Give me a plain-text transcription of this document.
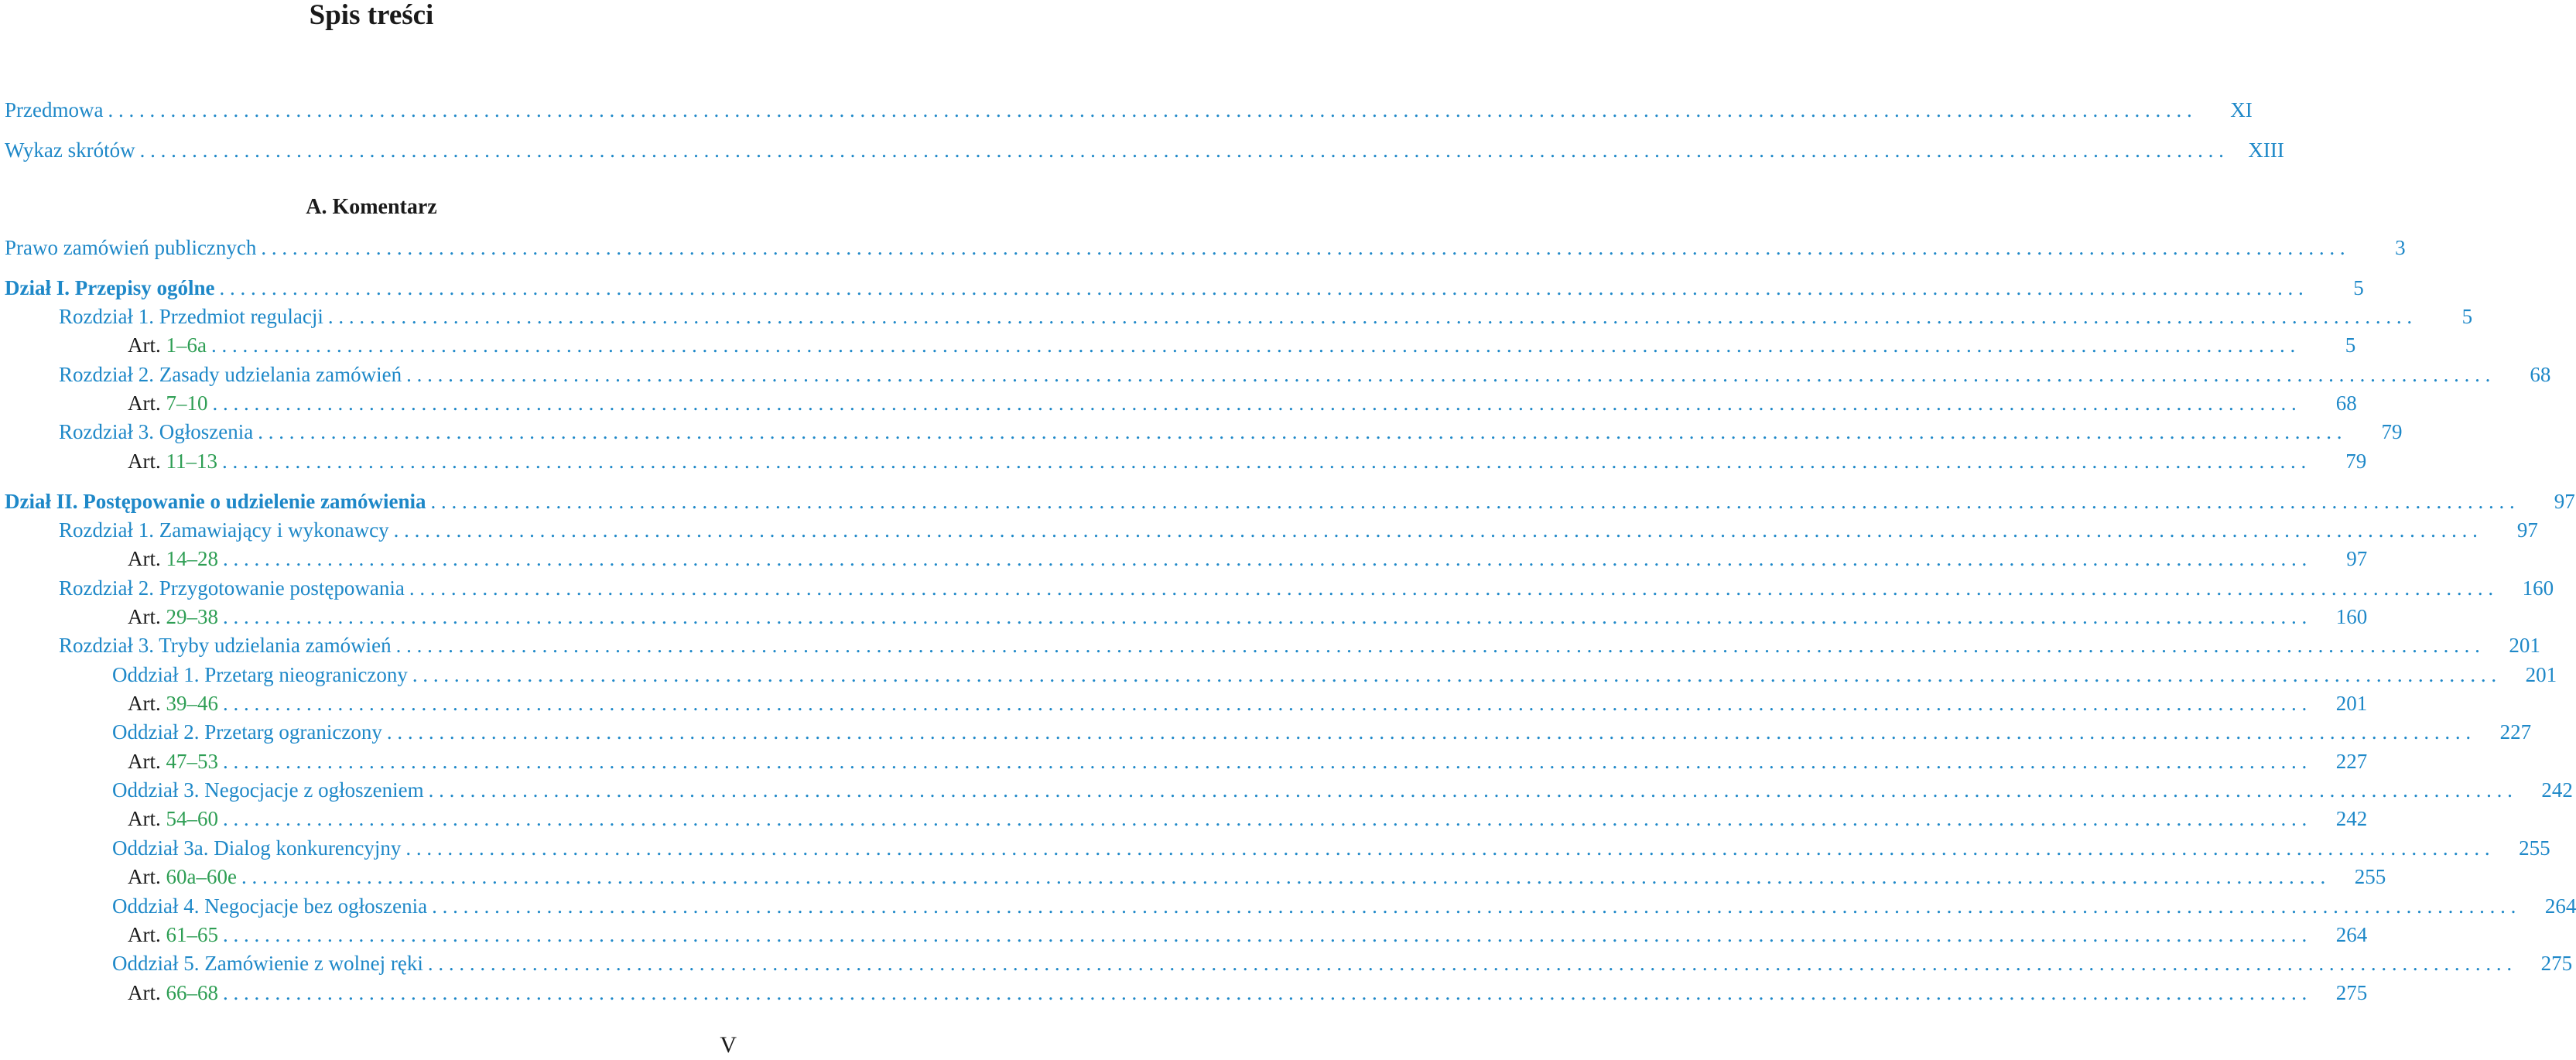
Spis treści
A. Komentarz
Przedmowa . . . . . . . . . . . . . . . . . . . . . . . . . . . . . . . . . . . . . . . . . . . . . . . . . . . . . . . . . . . . . . . . . . . . . . . . . . . . . . . . . . . . . . . . . . . . . . . . . . . . . . . . . . . . . . . . . . . . . . . . . . . . . . . . . . . . . . . . . . . . . . . . . . . . . . . . . . . . . . . . . . . . . . . . . . . . . . . . . . . . . . . . . . . . . . . . . . . . . . . .	XI
Wykaz skrótów . . . . . . . . . . . . . . . . . . . . . . . . . . . . . . . . . . . . . . . . . . . . . . . . . . . . . . . . . . . . . . . . . . . . . . . . . . . . . . . . . . . . . . . . . . . . . . . . . . . . . . . . . . . . . . . . . . . . . . . . . . . . . . . . . . . . . . . . . . . . . . . . . . . . . . . . . . . . . . . . . . . . . . . . . . . . . . . . . . . . . . . . . . . . . . . . . . . . . . . .	XIII
Prawo zamówień publicznych . . . . . . . . . . . . . . . . . . . . . . . . . . . . . . . . . . . . . . . . . . . . . . . . . . . . . . . . . . . . . . . . . . . . . . . . . . . . . . . . . . . . . . . . . . . . . . . . . . . . . . . . . . . . . . . . . . . . . . . . . . . . . . . . . . . . . . . . . . . . . . . . . . . . . . . . . . . . . . . . . . . . . . . . . . . . . . . . . . . . . . . . . . . . . . . . . . . . . . . .	3
Dział I. Przepisy ogólne . . . . . . . . . . . . . . . . . . . . . . . . . . . . . . . . . . . . . . . . . . . . . . . . . . . . . . . . . . . . . . . . . . . . . . . . . . . . . . . . . . . . . . . . . . . . . . . . . . . . . . . . . . . . . . . . . . . . . . . . . . . . . . . . . . . . . . . . . . . . . . . . . . . . . . . . . . . . . . . . . . . . . . . . . . . . . . . . . . . . . . . . . . . . . . . . . . . . . . . .	5
Rozdział 1. Przedmiot regulacji . . . . . . . . . . . . . . . . . . . . . . . . . . . . . . . . . . . . . . . . . . . . . . . . . . . . . . . . . . . . . . . . . . . . . . . . . . . . . . . . . . . . . . . . . . . . . . . . . . . . . . . . . . . . . . . . . . . . . . . . . . . . . . . . . . . . . . . . . . . . . . . . . . . . . . . . . . . . . . . . . . . . . . . . . . . . . . . . . . . . . . . . . . . . . . . . . . . . . . . .	5
Art. 1–6a . . . . . . . . . . . . . . . . . . . . . . . . . . . . . . . . . . . . . . . . . . . . . . . . . . . . . . . . . . . . . . . . . . . . . . . . . . . . . . . . . . . . . . . . . . . . . . . . . . . . . . . . . . . . . . . . . . . . . . . . . . . . . . . . . . . . . . . . . . . . . . . . . . . . . . . . . . . . . . . . . . . . . . . . . . . . . . . . . . . . . . . . . . . . . . . . . . . . . . . .	5
Rozdział 2. Zasady udzielania zamówień . . . . . . . . . . . . . . . . . . . . . . . . . . . . . . . . . . . . . . . . . . . . . . . . . . . . . . . . . . . . . . . . . . . . . . . . . . . . . . . . . . . . . . . . . . . . . . . . . . . . . . . . . . . . . . . . . . . . . . . . . . . . . . . . . . . . . . . . . . . . . . . . . . . . . . . . . . . . . . . . . . . . . . . . . . . . . . . . . . . . . . . . . . . . . . . . . . . . . . . .	68
Art. 7–10 . . . . . . . . . . . . . . . . . . . . . . . . . . . . . . . . . . . . . . . . . . . . . . . . . . . . . . . . . . . . . . . . . . . . . . . . . . . . . . . . . . . . . . . . . . . . . . . . . . . . . . . . . . . . . . . . . . . . . . . . . . . . . . . . . . . . . . . . . . . . . . . . . . . . . . . . . . . . . . . . . . . . . . . . . . . . . . . . . . . . . . . . . . . . . . . . . . . . . . . .	68
Rozdział 3. Ogłoszenia . . . . . . . . . . . . . . . . . . . . . . . . . . . . . . . . . . . . . . . . . . . . . . . . . . . . . . . . . . . . . . . . . . . . . . . . . . . . . . . . . . . . . . . . . . . . . . . . . . . . . . . . . . . . . . . . . . . . . . . . . . . . . . . . . . . . . . . . . . . . . . . . . . . . . . . . . . . . . . . . . . . . . . . . . . . . . . . . . . . . . . . . . . . . . . . . . . . . . . . .	79
Art. 11–13 . . . . . . . . . . . . . . . . . . . . . . . . . . . . . . . . . . . . . . . . . . . . . . . . . . . . . . . . . . . . . . . . . . . . . . . . . . . . . . . . . . . . . . . . . . . . . . . . . . . . . . . . . . . . . . . . . . . . . . . . . . . . . . . . . . . . . . . . . . . . . . . . . . . . . . . . . . . . . . . . . . . . . . . . . . . . . . . . . . . . . . . . . . . . . . . . . . . . . . . .	79
Dział II. Postępowanie o udzielenie zamówienia . . . . . . . . . . . . . . . . . . . . . . . . . . . . . . . . . . . . . . . . . . . . . . . . . . . . . . . . . . . . . . . . . . . . . . . . . . . . . . . . . . . . . . . . . . . . . . . . . . . . . . . . . . . . . . . . . . . . . . . . . . . . . . . . . . . . . . . . . . . . . . . . . . . . . . . . . . . . . . . . . . . . . . . . . . . . . . . . . . . . . . . . . . . . . . . . . . . . . . . .	97
Rozdział 1. Zamawiający i wykonawcy . . . . . . . . . . . . . . . . . . . . . . . . . . . . . . . . . . . . . . . . . . . . . . . . . . . . . . . . . . . . . . . . . . . . . . . . . . . . . . . . . . . . . . . . . . . . . . . . . . . . . . . . . . . . . . . . . . . . . . . . . . . . . . . . . . . . . . . . . . . . . . . . . . . . . . . . . . . . . . . . . . . . . . . . . . . . . . . . . . . . . . . . . . . . . . . . . . . . . . . .	97
Art. 14–28 . . . . . . . . . . . . . . . . . . . . . . . . . . . . . . . . . . . . . . . . . . . . . . . . . . . . . . . . . . . . . . . . . . . . . . . . . . . . . . . . . . . . . . . . . . . . . . . . . . . . . . . . . . . . . . . . . . . . . . . . . . . . . . . . . . . . . . . . . . . . . . . . . . . . . . . . . . . . . . . . . . . . . . . . . . . . . . . . . . . . . . . . . . . . . . . . . . . . . . . .	97
Rozdział 2. Przygotowanie postępowania . . . . . . . . . . . . . . . . . . . . . . . . . . . . . . . . . . . . . . . . . . . . . . . . . . . . . . . . . . . . . . . . . . . . . . . . . . . . . . . . . . . . . . . . . . . . . . . . . . . . . . . . . . . . . . . . . . . . . . . . . . . . . . . . . . . . . . . . . . . . . . . . . . . . . . . . . . . . . . . . . . . . . . . . . . . . . . . . . . . . . . . . . . . . . . . . . . . . . . . .	160
Art. 29–38 . . . . . . . . . . . . . . . . . . . . . . . . . . . . . . . . . . . . . . . . . . . . . . . . . . . . . . . . . . . . . . . . . . . . . . . . . . . . . . . . . . . . . . . . . . . . . . . . . . . . . . . . . . . . . . . . . . . . . . . . . . . . . . . . . . . . . . . . . . . . . . . . . . . . . . . . . . . . . . . . . . . . . . . . . . . . . . . . . . . . . . . . . . . . . . . . . . . . . . . .	160
Rozdział 3. Tryby udzielania zamówień . . . . . . . . . . . . . . . . . . . . . . . . . . . . . . . . . . . . . . . . . . . . . . . . . . . . . . . . . . . . . . . . . . . . . . . . . . . . . . . . . . . . . . . . . . . . . . . . . . . . . . . . . . . . . . . . . . . . . . . . . . . . . . . . . . . . . . . . . . . . . . . . . . . . . . . . . . . . . . . . . . . . . . . . . . . . . . . . . . . . . . . . . . . . . . . . . . . . . . . .	201
Oddział 1. Przetarg nieograniczony . . . . . . . . . . . . . . . . . . . . . . . . . . . . . . . . . . . . . . . . . . . . . . . . . . . . . . . . . . . . . . . . . . . . . . . . . . . . . . . . . . . . . . . . . . . . . . . . . . . . . . . . . . . . . . . . . . . . . . . . . . . . . . . . . . . . . . . . . . . . . . . . . . . . . . . . . . . . . . . . . . . . . . . . . . . . . . . . . . . . . . . . . . . . . . . . . . . . . . . .	201
Art. 39–46 . . . . . . . . . . . . . . . . . . . . . . . . . . . . . . . . . . . . . . . . . . . . . . . . . . . . . . . . . . . . . . . . . . . . . . . . . . . . . . . . . . . . . . . . . . . . . . . . . . . . . . . . . . . . . . . . . . . . . . . . . . . . . . . . . . . . . . . . . . . . . . . . . . . . . . . . . . . . . . . . . . . . . . . . . . . . . . . . . . . . . . . . . . . . . . . . . . . . . . . .	201
Oddział 2. Przetarg ograniczony . . . . . . . . . . . . . . . . . . . . . . . . . . . . . . . . . . . . . . . . . . . . . . . . . . . . . . . . . . . . . . . . . . . . . . . . . . . . . . . . . . . . . . . . . . . . . . . . . . . . . . . . . . . . . . . . . . . . . . . . . . . . . . . . . . . . . . . . . . . . . . . . . . . . . . . . . . . . . . . . . . . . . . . . . . . . . . . . . . . . . . . . . . . . . . . . . . . . . . . .	227
Art. 47–53 . . . . . . . . . . . . . . . . . . . . . . . . . . . . . . . . . . . . . . . . . . . . . . . . . . . . . . . . . . . . . . . . . . . . . . . . . . . . . . . . . . . . . . . . . . . . . . . . . . . . . . . . . . . . . . . . . . . . . . . . . . . . . . . . . . . . . . . . . . . . . . . . . . . . . . . . . . . . . . . . . . . . . . . . . . . . . . . . . . . . . . . . . . . . . . . . . . . . . . . .	227
Oddział 3. Negocjacje z ogłoszeniem . . . . . . . . . . . . . . . . . . . . . . . . . . . . . . . . . . . . . . . . . . . . . . . . . . . . . . . . . . . . . . . . . . . . . . . . . . . . . . . . . . . . . . . . . . . . . . . . . . . . . . . . . . . . . . . . . . . . . . . . . . . . . . . . . . . . . . . . . . . . . . . . . . . . . . . . . . . . . . . . . . . . . . . . . . . . . . . . . . . . . . . . . . . . . . . . . . . . . . . .	242
Art. 54–60 . . . . . . . . . . . . . . . . . . . . . . . . . . . . . . . . . . . . . . . . . . . . . . . . . . . . . . . . . . . . . . . . . . . . . . . . . . . . . . . . . . . . . . . . . . . . . . . . . . . . . . . . . . . . . . . . . . . . . . . . . . . . . . . . . . . . . . . . . . . . . . . . . . . . . . . . . . . . . . . . . . . . . . . . . . . . . . . . . . . . . . . . . . . . . . . . . . . . . . . .	242
Oddział 3a. Dialog konkurencyjny . . . . . . . . . . . . . . . . . . . . . . . . . . . . . . . . . . . . . . . . . . . . . . . . . . . . . . . . . . . . . . . . . . . . . . . . . . . . . . . . . . . . . . . . . . . . . . . . . . . . . . . . . . . . . . . . . . . . . . . . . . . . . . . . . . . . . . . . . . . . . . . . . . . . . . . . . . . . . . . . . . . . . . . . . . . . . . . . . . . . . . . . . . . . . . . . . . . . . . . .	255
Art. 60a–60e . . . . . . . . . . . . . . . . . . . . . . . . . . . . . . . . . . . . . . . . . . . . . . . . . . . . . . . . . . . . . . . . . . . . . . . . . . . . . . . . . . . . . . . . . . . . . . . . . . . . . . . . . . . . . . . . . . . . . . . . . . . . . . . . . . . . . . . . . . . . . . . . . . . . . . . . . . . . . . . . . . . . . . . . . . . . . . . . . . . . . . . . . . . . . . . . . . . . . . . .	255
Oddział 4. Negocjacje bez ogłoszenia . . . . . . . . . . . . . . . . . . . . . . . . . . . . . . . . . . . . . . . . . . . . . . . . . . . . . . . . . . . . . . . . . . . . . . . . . . . . . . . . . . . . . . . . . . . . . . . . . . . . . . . . . . . . . . . . . . . . . . . . . . . . . . . . . . . . . . . . . . . . . . . . . . . . . . . . . . . . . . . . . . . . . . . . . . . . . . . . . . . . . . . . . . . . . . . . . . . . . . . .	264
Art. 61–65 . . . . . . . . . . . . . . . . . . . . . . . . . . . . . . . . . . . . . . . . . . . . . . . . . . . . . . . . . . . . . . . . . . . . . . . . . . . . . . . . . . . . . . . . . . . . . . . . . . . . . . . . . . . . . . . . . . . . . . . . . . . . . . . . . . . . . . . . . . . . . . . . . . . . . . . . . . . . . . . . . . . . . . . . . . . . . . . . . . . . . . . . . . . . . . . . . . . . . . . .	264
Oddział 5. Zamówienie z wolnej ręki . . . . . . . . . . . . . . . . . . . . . . . . . . . . . . . . . . . . . . . . . . . . . . . . . . . . . . . . . . . . . . . . . . . . . . . . . . . . . . . . . . . . . . . . . . . . . . . . . . . . . . . . . . . . . . . . . . . . . . . . . . . . . . . . . . . . . . . . . . . . . . . . . . . . . . . . . . . . . . . . . . . . . . . . . . . . . . . . . . . . . . . . . . . . . . . . . . . . . . . .	275
Art. 66–68 . . . . . . . . . . . . . . . . . . . . . . . . . . . . . . . . . . . . . . . . . . . . . . . . . . . . . . . . . . . . . . . . . . . . . . . . . . . . . . . . . . . . . . . . . . . . . . . . . . . . . . . . . . . . . . . . . . . . . . . . . . . . . . . . . . . . . . . . . . . . . . . . . . . . . . . . . . . . . . . . . . . . . . . . . . . . . . . . . . . . . . . . . . . . . . . . . . . . . . . .	275
V
